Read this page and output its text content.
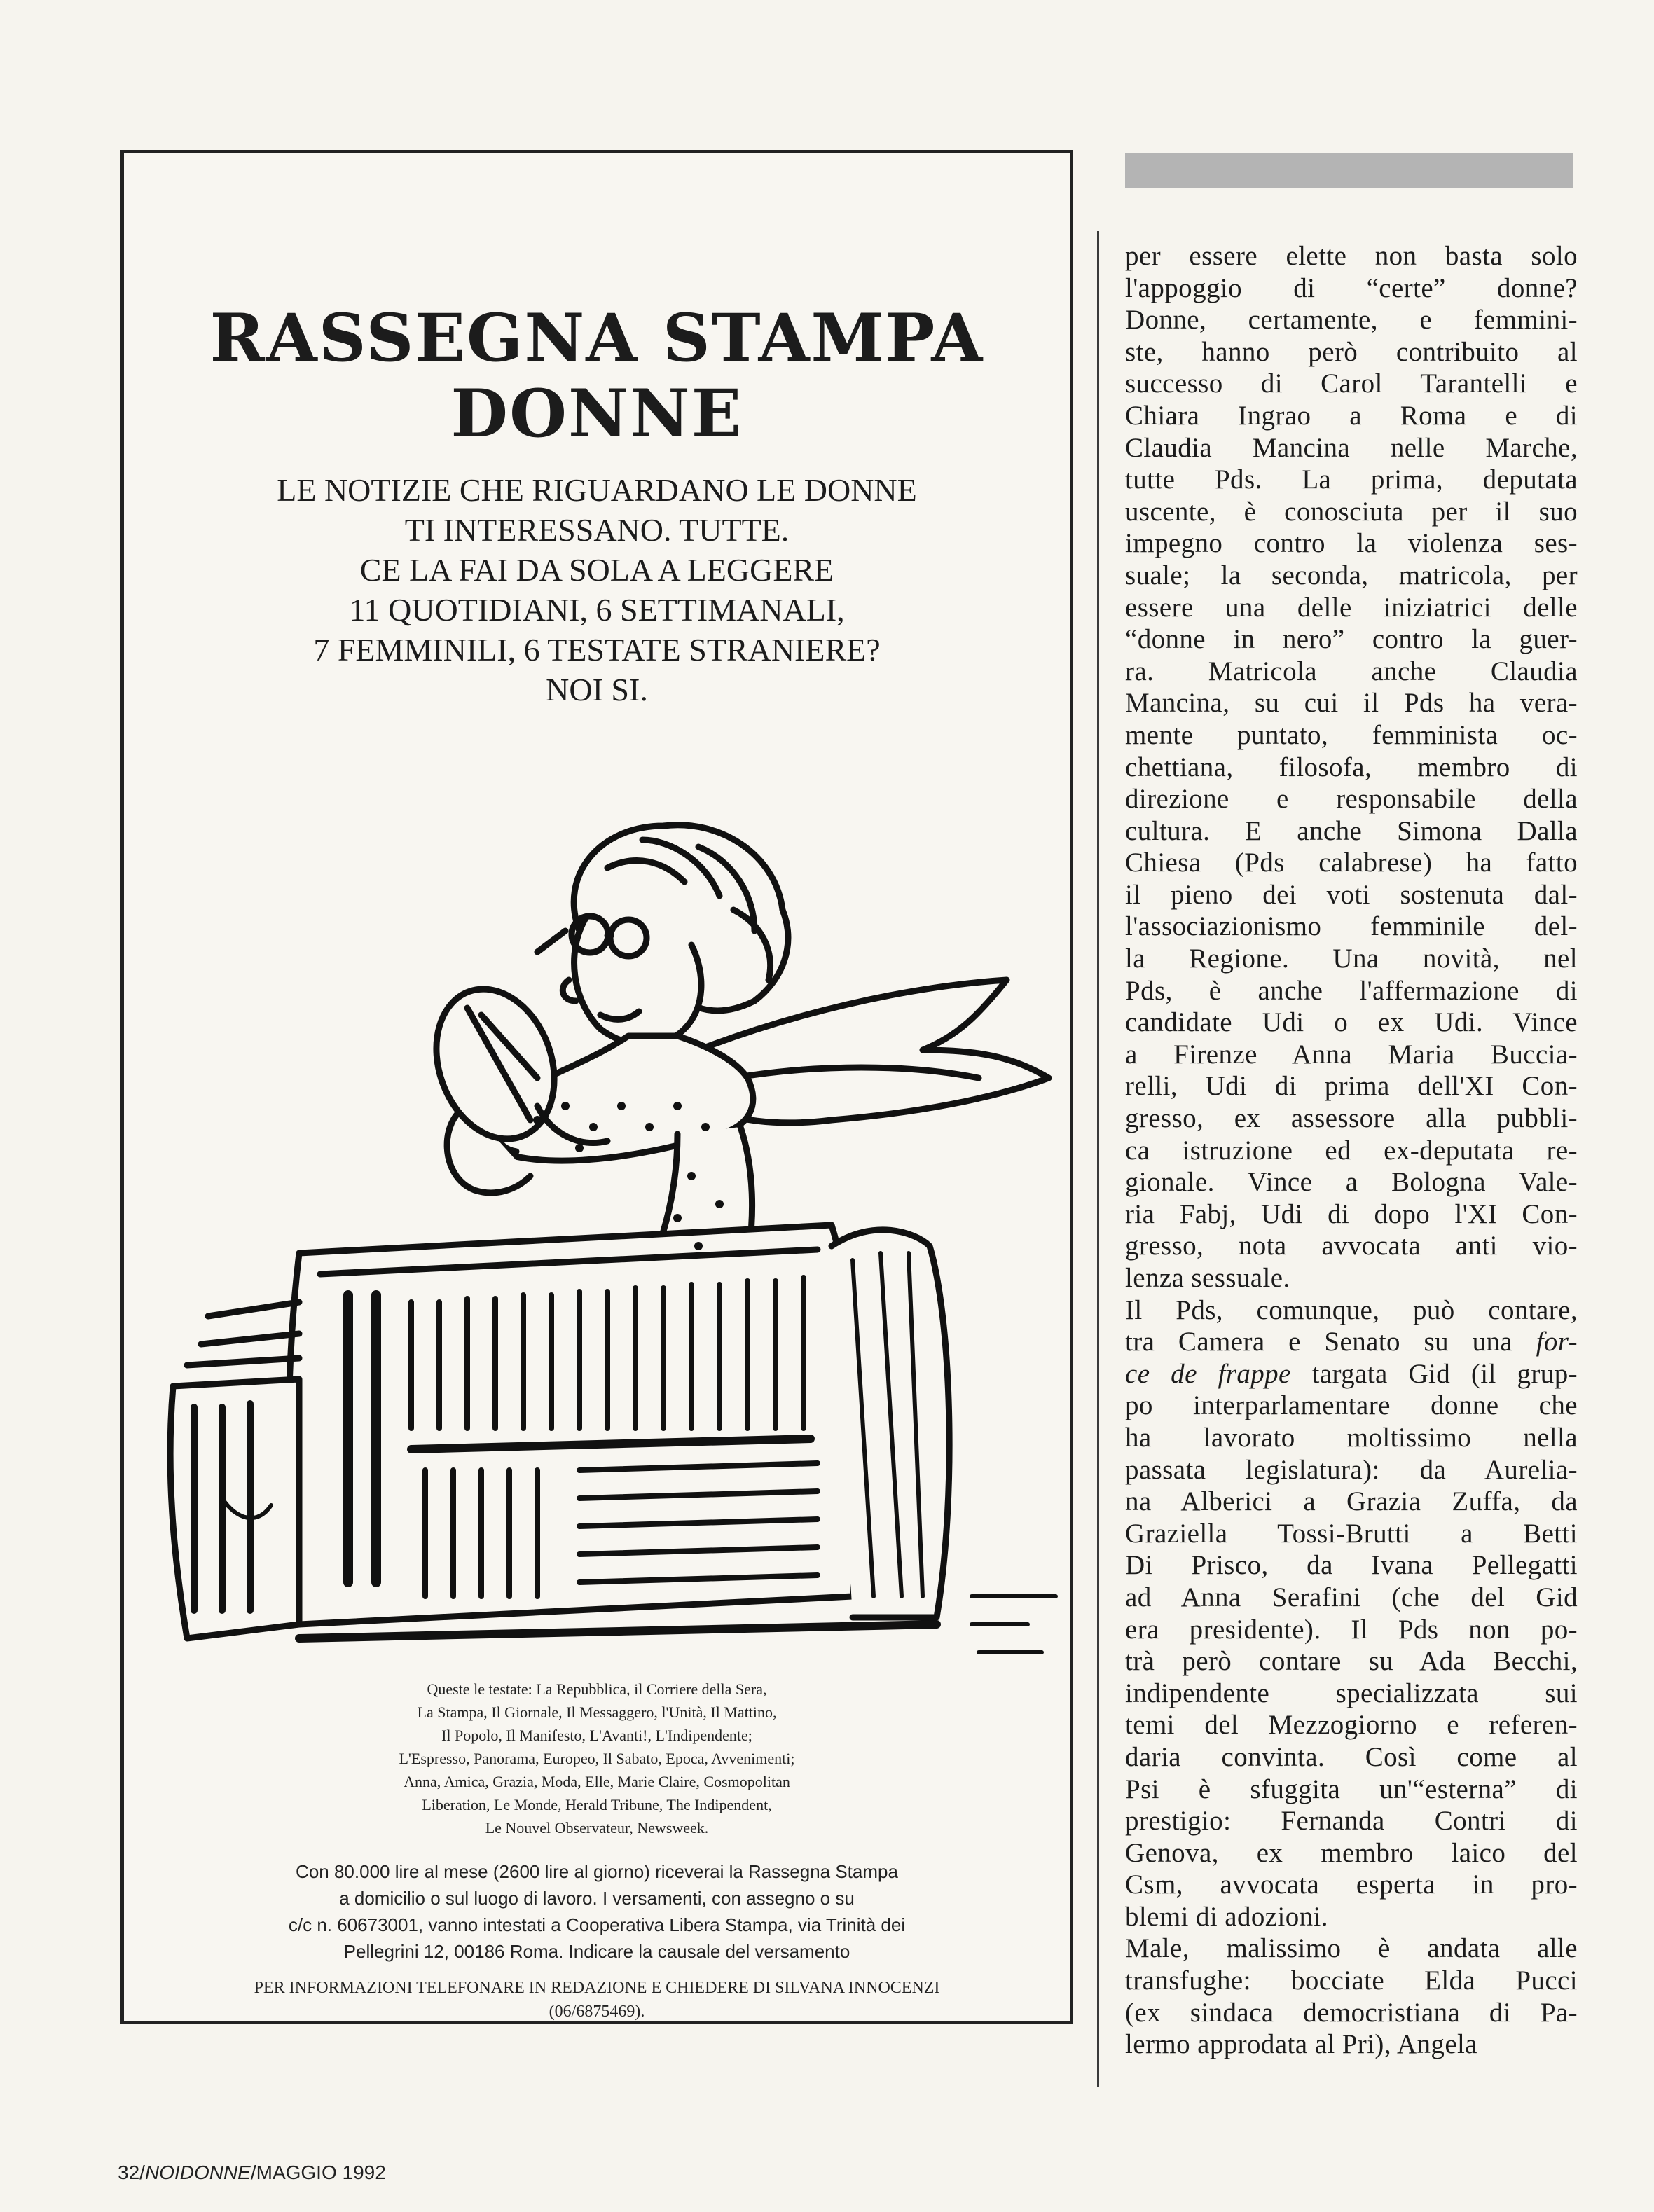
RASSEGNA STAMPA
DONNE
LE NOTIZIE CHE RIGUARDANO LE DONNE
TI INTERESSANO. TUTTE.
CE LA FAI DA SOLA A LEGGERE
11 QUOTIDIANI, 6 SETTIMANALI,
7 FEMMINILI, 6 TESTATE STRANIERE?
NOI SI.
Queste le testate: La Repubblica, il Corriere della Sera,
La Stampa, Il Giornale, Il Messaggero, l'Unità, Il Mattino,
Il Popolo, Il Manifesto, L'Avanti!, L'Indipendente;
L'Espresso, Panorama, Europeo, Il Sabato, Epoca, Avvenimenti;
Anna, Amica, Grazia, Moda, Elle, Marie Claire, Cosmopolitan
Liberation, Le Monde, Herald Tribune, The Indipendent,
Le Nouvel Observateur, Newsweek.
Con 80.000 lire al mese (2600 lire al giorno) riceverai la Rassegna Stampa
a domicilio o sul luogo di lavoro. I versamenti, con assegno o su
c/c n. 60673001, vanno intestati a Cooperativa Libera Stampa, via Trinità dei
Pellegrini 12, 00186 Roma. Indicare la causale del versamento
PER INFORMAZIONI TELEFONARE IN REDAZIONE E CHIEDERE DI SILVANA INNOCENZI
(06/6875469).
per essere elette non basta solo
l'appoggio di “certe” donne?
Donne, certamente, e femmini-
ste, hanno però contribuito al
successo di Carol Tarantelli e
Chiara Ingrao a Roma e di
Claudia Mancina nelle Marche,
tutte Pds. La prima, deputata
uscente, è conosciuta per il suo
impegno contro la violenza ses-
suale; la seconda, matricola, per
essere una delle iniziatrici delle
“donne in nero” contro la guer-
ra. Matricola anche Claudia
Mancina, su cui il Pds ha vera-
mente puntato, femminista oc-
chettiana, filosofa, membro di
direzione e responsabile della
cultura. E anche Simona Dalla
Chiesa (Pds calabrese) ha fatto
il pieno dei voti sostenuta dal-
l'associazionismo femminile del-
la Regione. Una novità, nel
Pds, è anche l'affermazione di
candidate Udi o ex Udi. Vince
a Firenze Anna Maria Buccia-
relli, Udi di prima dell'XI Con-
gresso, ex assessore alla pubbli-
ca istruzione ed ex-deputata re-
gionale. Vince a Bologna Vale-
ria Fabj, Udi di dopo l'XI Con-
gresso, nota avvocata anti vio-
lenza sessuale.
Il Pds, comunque, può contare,
tra Camera e Senato su una for-
ce de frappe targata Gid (il grup-
po interparlamentare donne che
ha lavorato moltissimo nella
passata legislatura): da Aurelia-
na Alberici a Grazia Zuffa, da
Graziella Tossi-Brutti a Betti
Di Prisco, da Ivana Pellegatti
ad Anna Serafini (che del Gid
era presidente). Il Pds non po-
trà però contare su Ada Becchi,
indipendente specializzata sui
temi del Mezzogiorno e referen-
daria convinta. Così come al
Psi è sfuggita un'“esterna” di
prestigio: Fernanda Contri di
Genova, ex membro laico del
Csm, avvocata esperta in pro-
blemi di adozioni.
Male, malissimo è andata alle
transfughe: bocciate Elda Pucci
(ex sindaca democristiana di Pa-
lermo approdata al Pri), Angela
32/NOIDONNE/MAGGIO 1992
